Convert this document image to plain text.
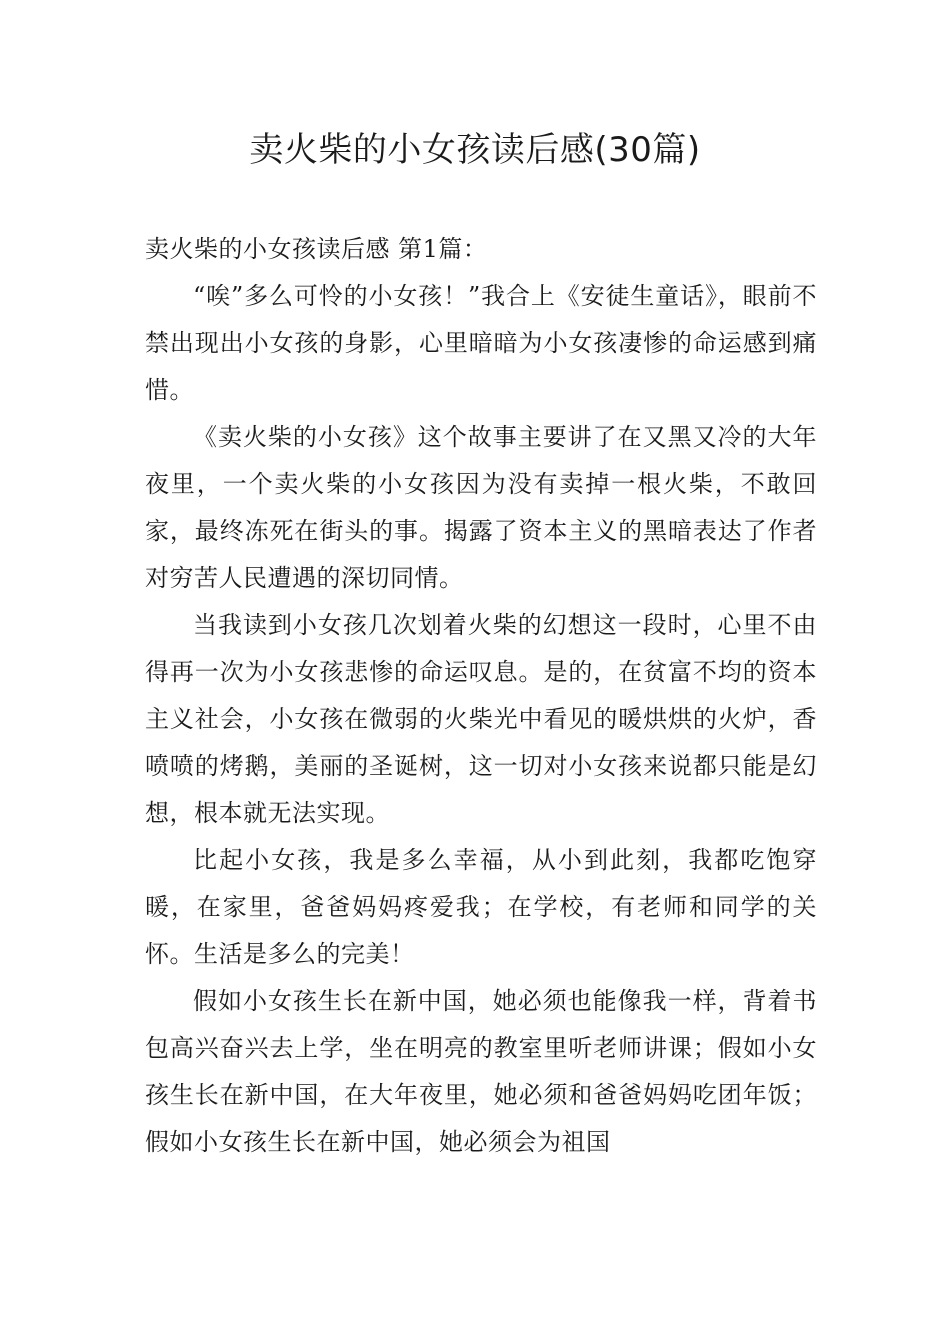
卖火柴的小女孩读后感(30篇)
卖火柴的小女孩读后感 第1篇：

“唉”多么可怜的小女孩！”我合上《安徒生童话》，眼前不禁出现出小女孩的身影，心里暗暗为小女孩凄惨的命运感到痛惜。

《卖火柴的小女孩》这个故事主要讲了在又黑又冷的大年夜里，一个卖火柴的小女孩因为没有卖掉一根火柴，不敢回家，最终冻死在街头的事。揭露了资本主义的黑暗表达了作者对穷苦人民遭遇的深切同情。

当我读到小女孩几次划着火柴的幻想这一段时，心里不由得再一次为小女孩悲惨的命运叹息。是的，在贫富不均的资本主义社会，小女孩在微弱的火柴光中看见的暖烘烘的火炉，香喷喷的烤鹅，美丽的圣诞树，这一切对小女孩来说都只能是幻想，根本就无法实现。

比起小女孩，我是多么幸福，从小到此刻，我都吃饱穿暖，在家里，爸爸妈妈疼爱我；在学校，有老师和同学的关怀。生活是多么的完美！

假如小女孩生长在新中国，她必须也能像我一样，背着书包高兴奋兴去上学，坐在明亮的教室里听老师讲课；假如小女孩生长在新中国，在大年夜里，她必须和爸爸妈妈吃团年饭；假如小女孩生长在新中国，她必须会为祖国
